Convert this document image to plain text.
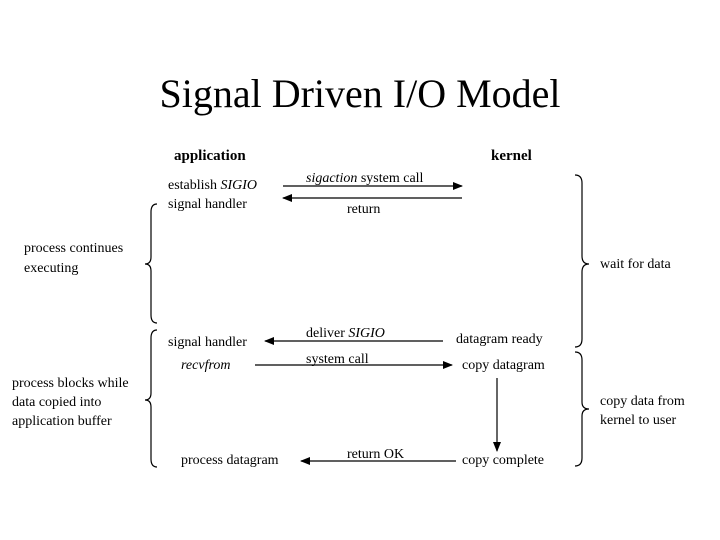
Signal Driven I/O Model
application	kernel
sigaction system call
return
establish SIGIO
signal handler
process continues
executing
process blocks while
data copied into
application buffer
wait for data
copy data from
kernel to user
deliver SIGIO	datagram ready
signal handler
system call
recvfrom	copy datagram
return OK
process datagram	copy complete
